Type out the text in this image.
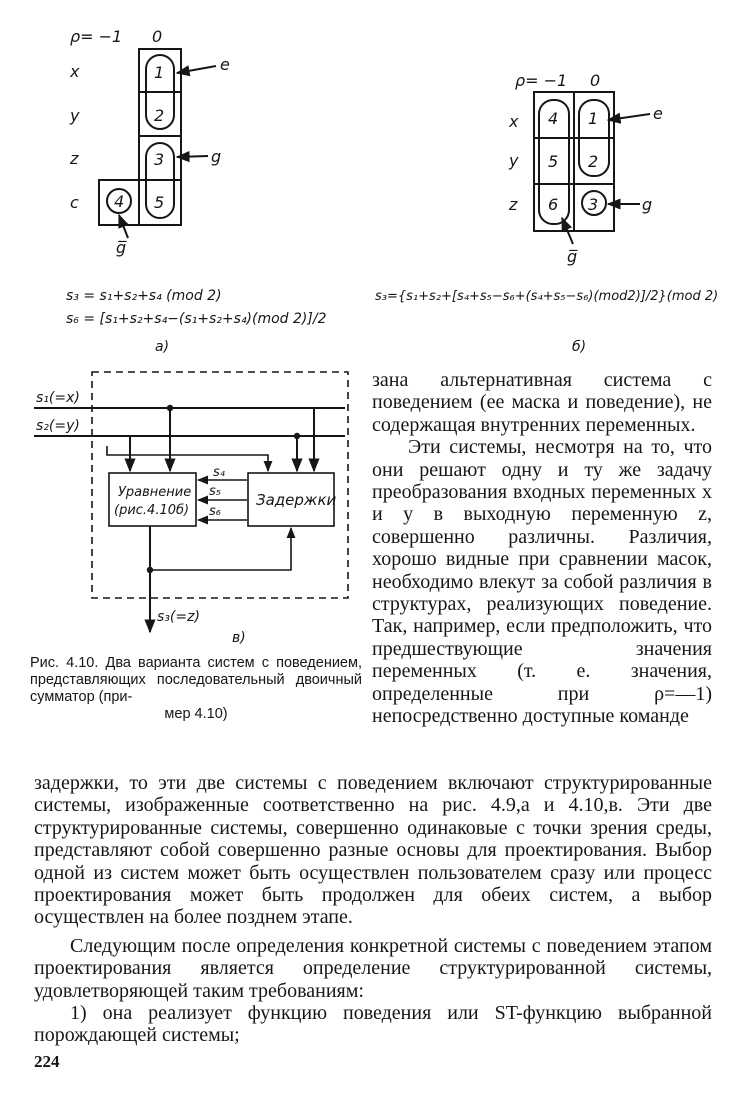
ρ= −1 0
x
y
z
c
1
2
3
4 5
e
g
g̅
s₃ = s₁+s₂+s₄ (mod 2)
s₆ = [s₁+s₂+s₄−(s₁+s₂+s₄)(mod 2)]/2
а)
ρ= −1 0
x
y
z
4 1
5 2
6 3
e
g
g̅
s₃={s₁+s₂+[s₄+s₅−s₆+(s₄+s₅−s₆)(mod2)]/2}(mod 2)
б)
s₁(=x)
s₂(=y)
Уравнение
(рис.4.10б)
Задержки
s₄
s₅
s₆
s₃(=z)
в)
Рис. 4.10. Два варианта систем с поведением, представляющих последовательный двоичный сумматор (при-
мер 4.10)

зана альтернативная система с поведением (ее маска и поведение), не содержащая внутренних переменных.

Эти системы, несмотря на то, что они решают одну и ту же задачу преобразования входных переменных x и y в выходную переменную z, совершенно различны. Различия, хорошо видные при сравнении масок, необходимо влекут за собой различия в структурах, реализующих поведение. Так, например, если предположить, что предшествующие значения переменных (т. е. значения, определенные при ρ=—1) непосредственно доступные команде

задержки, то эти две системы с поведением включают структурированные системы, изображенные соответственно на рис. 4.9,а и 4.10,в. Эти две структурированные системы, совершенно одинаковые с точки зрения среды, представляют собой совершенно разные основы для проектирования. Выбор одной из систем может быть осуществлен пользователем сразу или процесс проектирования может быть продолжен для обеих систем, а выбор осуществлен на более позднем этапе.

Следующим после определения конкретной системы с поведением этапом проектирования является определение структурированной системы, удовлетворяющей таким требованиям:

1) она реализует функцию поведения или ST-функцию выбранной порождающей системы;

224
